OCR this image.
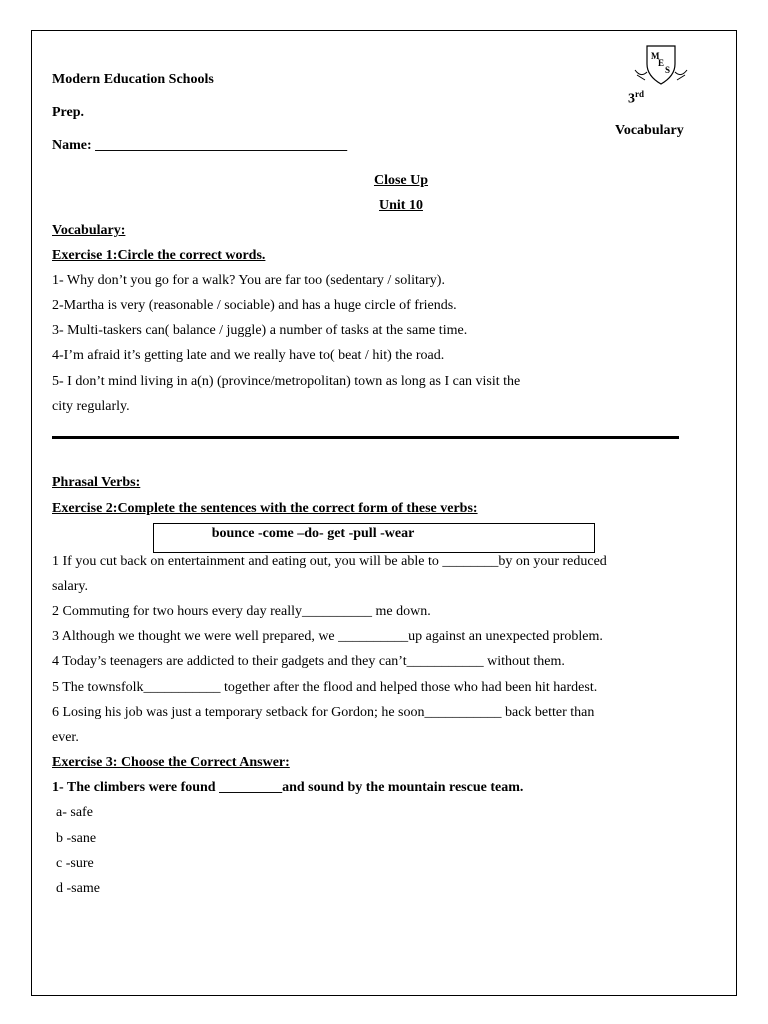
Modern Education Schools
Prep.
Name: ____________________________________
M
E
S
3rd
Vocabulary
Close Up
Unit 10
Vocabulary:
Exercise 1:Circle the correct words.
1- Why don’t you go for a walk? You are far too (sedentary / solitary).
2-Martha is very (reasonable / sociable) and has a huge circle of friends.
3- Multi-taskers can( balance / juggle) a number of tasks at the same time.
4-I’m afraid it’s getting late and we really have to( beat / hit) the road.
5- I don’t mind living in a(n) (province/metropolitan) town as long as I can visit the
city regularly.
Phrasal Verbs:
Exercise 2:Complete the sentences with the correct form of these verbs:
bounce -come –do- get -pull -wear
1 If you cut back on entertainment and eating out, you will be able to ________by on your reduced
salary.
2 Commuting for two hours every day really__________ me down.
3 Although we thought we were well prepared, we __________up against an unexpected problem.
4 Today’s teenagers are addicted to their gadgets and they can’t___________ without them.
5 The townsfolk___________ together after the flood and helped those who had been hit hardest.
6 Losing his job was just a temporary setback for Gordon; he soon___________ back better than
ever.
Exercise 3: Choose the Correct Answer:
1- The climbers were found _________and sound by the mountain rescue team.
a- safe
b -sane
c -sure
d -same
